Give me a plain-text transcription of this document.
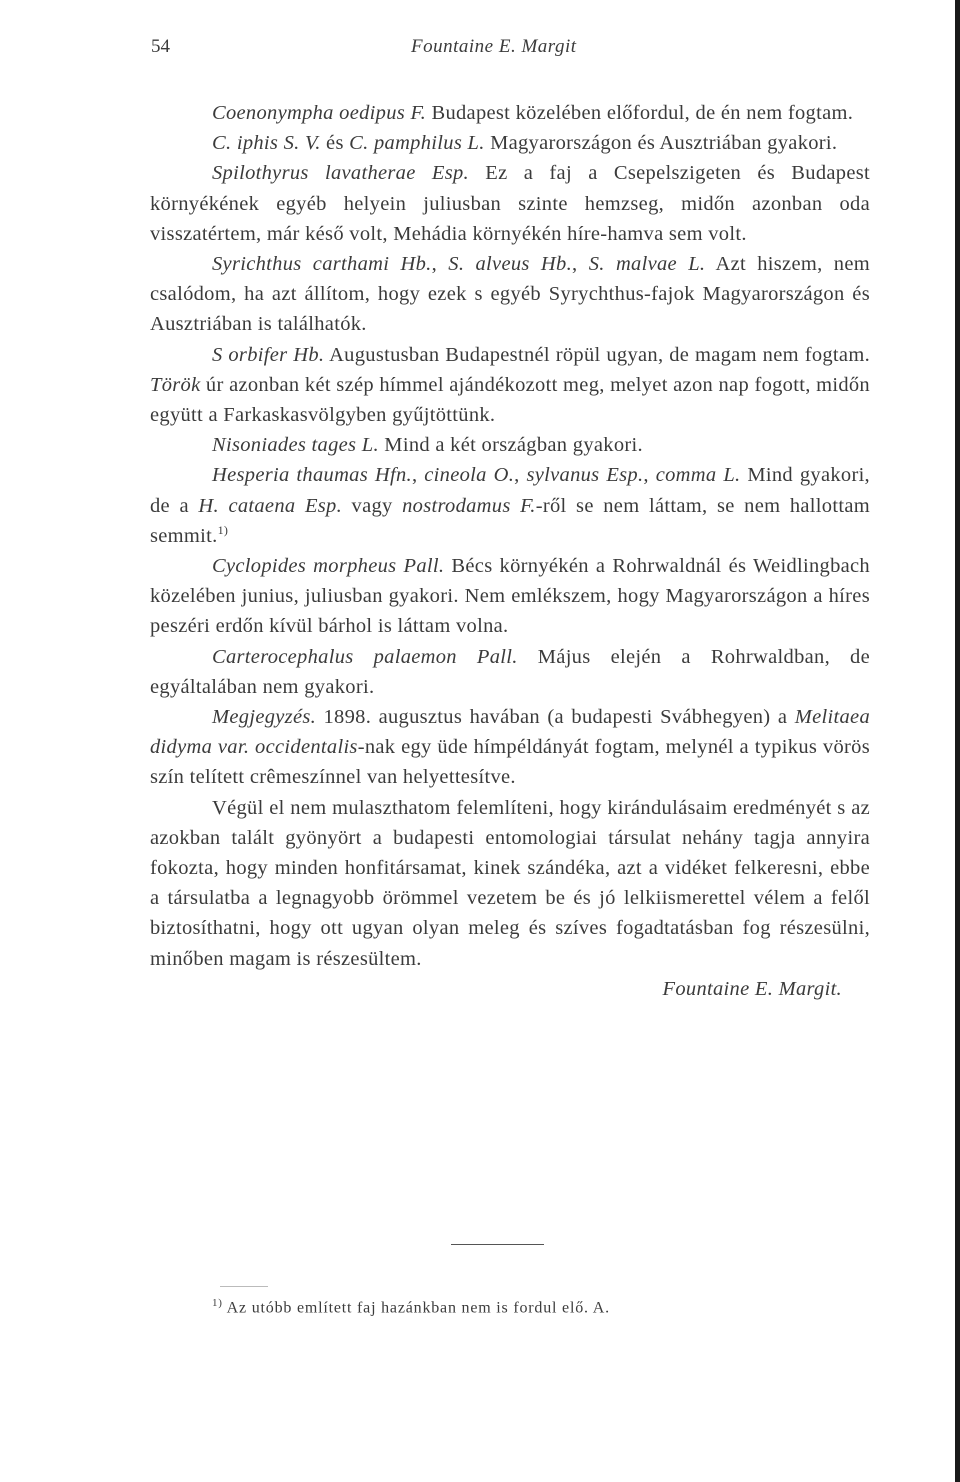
54	Fountaine E. Margit

Coenonympha oedipus F. Budapest közelében előfordul, de én nem fogtam.

C. iphis S. V. és C. pamphilus L. Magyarországon és Ausztriában gyakori.

Spilothyrus lavatherae Esp. Ez a faj a Csepelszigeten és Budapest környékének egyéb helyein juliusban szinte hemzseg, midőn azonban oda visszatértem, már késő volt, Mehádia környékén híre-hamva sem volt.

Syrichthus carthami Hb., S. alveus Hb., S. malvae L. Azt hiszem, nem csalódom, ha azt állítom, hogy ezek s egyéb Syrychthus-fajok Magyarországon és Ausztriában is találhatók.

S orbifer Hb. Augustusban Budapestnél röpül ugyan, de magam nem fogtam. Török úr azonban két szép hímmel ajándékozott meg, melyet azon nap fogott, midőn együtt a Farkaskasvölgyben gyűjtöttünk.

Nisoniades tages L. Mind a két országban gyakori.

Hesperia thaumas Hfn., cineola O., sylvanus Esp., comma L. Mind gyakori, de a H. cataena Esp. vagy nostrodamus F.-ről se nem láttam, se nem hallottam semmit.$^{1)}$

Cyclopides morpheus Pall. Bécs környékén a Rohrwaldnál és Weidlingbach közelében junius, juliusban gyakori. Nem emlékszem, hogy Magyarországon a híres peszéri erdőn kívül bárhol is láttam volna.

Carterocephalus palaemon Pall. Május elején a Rohrwaldban, de egyáltalában nem gyakori.

Megjegyzés. 1898. augusztus havában (a budapesti Svábhegyen) a Melitaea didyma var. occidentalis-nak egy üde hímpéldányát fogtam, melynél a typikus vörös szín telített crêmeszínnel van helyettesítve.

Végül el nem mulaszthatom felemlíteni, hogy kirándulásaim eredményét s az azokban talált gyönyört a budapesti entomologiai társulat nehány tagja annyira fokozta, hogy minden honfitársamat, kinek szándéka, azt a vidéket felkeresni, ebbe a társulatba a legnagyobb örömmel vezetem be és jó lelkiismerettel vélem a felől biztosíthatni, hogy ott ugyan olyan meleg és szíves fogadtatásban fog részesülni, minőben magam is részesültem.

Fountaine E. Margit.
$^{1)}$ Az utóbb említett faj hazánkban nem is fordul elő. A.
